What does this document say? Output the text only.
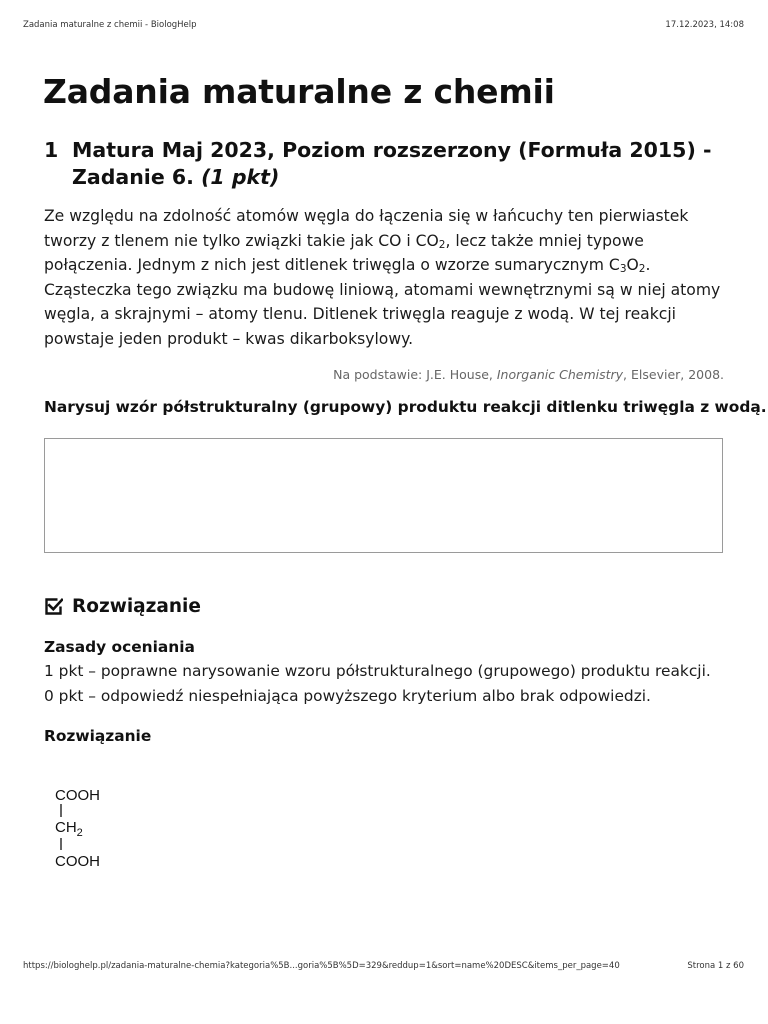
Zadania maturalne z chemii - BiologHelp	17.12.2023, 14:08
Zadania maturalne z chemii
1 Matura Maj 2023, Poziom rozszerzony (Formuła 2015) - Zadanie 6. (1 pkt)

Ze względu na zdolność atomów węgla do łączenia się w łańcuchy ten pierwiastek tworzy z tlenem nie tylko związki takie jak CO i $CO_2$, lecz także mniej typowe połączenia. Jednym z nich jest ditlenek triwęgla o wzorze sumarycznym $C_3O_2$. Cząsteczka tego związku ma budowę liniową, atomami wewnętrznymi są w niej atomy węgla, a skrajnymi – atomy tlenu. Ditlenek triwęgla reaguje z wodą. W tej reakcji powstaje jeden produkt – kwas dikarboksylowy.

Na podstawie: J.E. House, Inorganic Chemistry, Elsevier, 2008.

Narysuj wzór półstrukturalny (grupowy) produktu reakcji ditlenku triwęgla z wodą.

Rozwiązanie
Zasady oceniania
1 pkt – poprawne narysowanie wzoru półstrukturalnego (grupowego) produktu reakcji.
0 pkt – odpowiedź niespełniająca powyższego kryterium albo brak odpowiedzi.
Rozwiązanie
COOH
$CH_2$
COOH
https://biologhelp.pl/zadania-maturalne-chemia?kategoria%5B...goria%5B%5D=329&reddup=1&sort=name%20DESC&items_per_page=40	Strona 1 z 60
